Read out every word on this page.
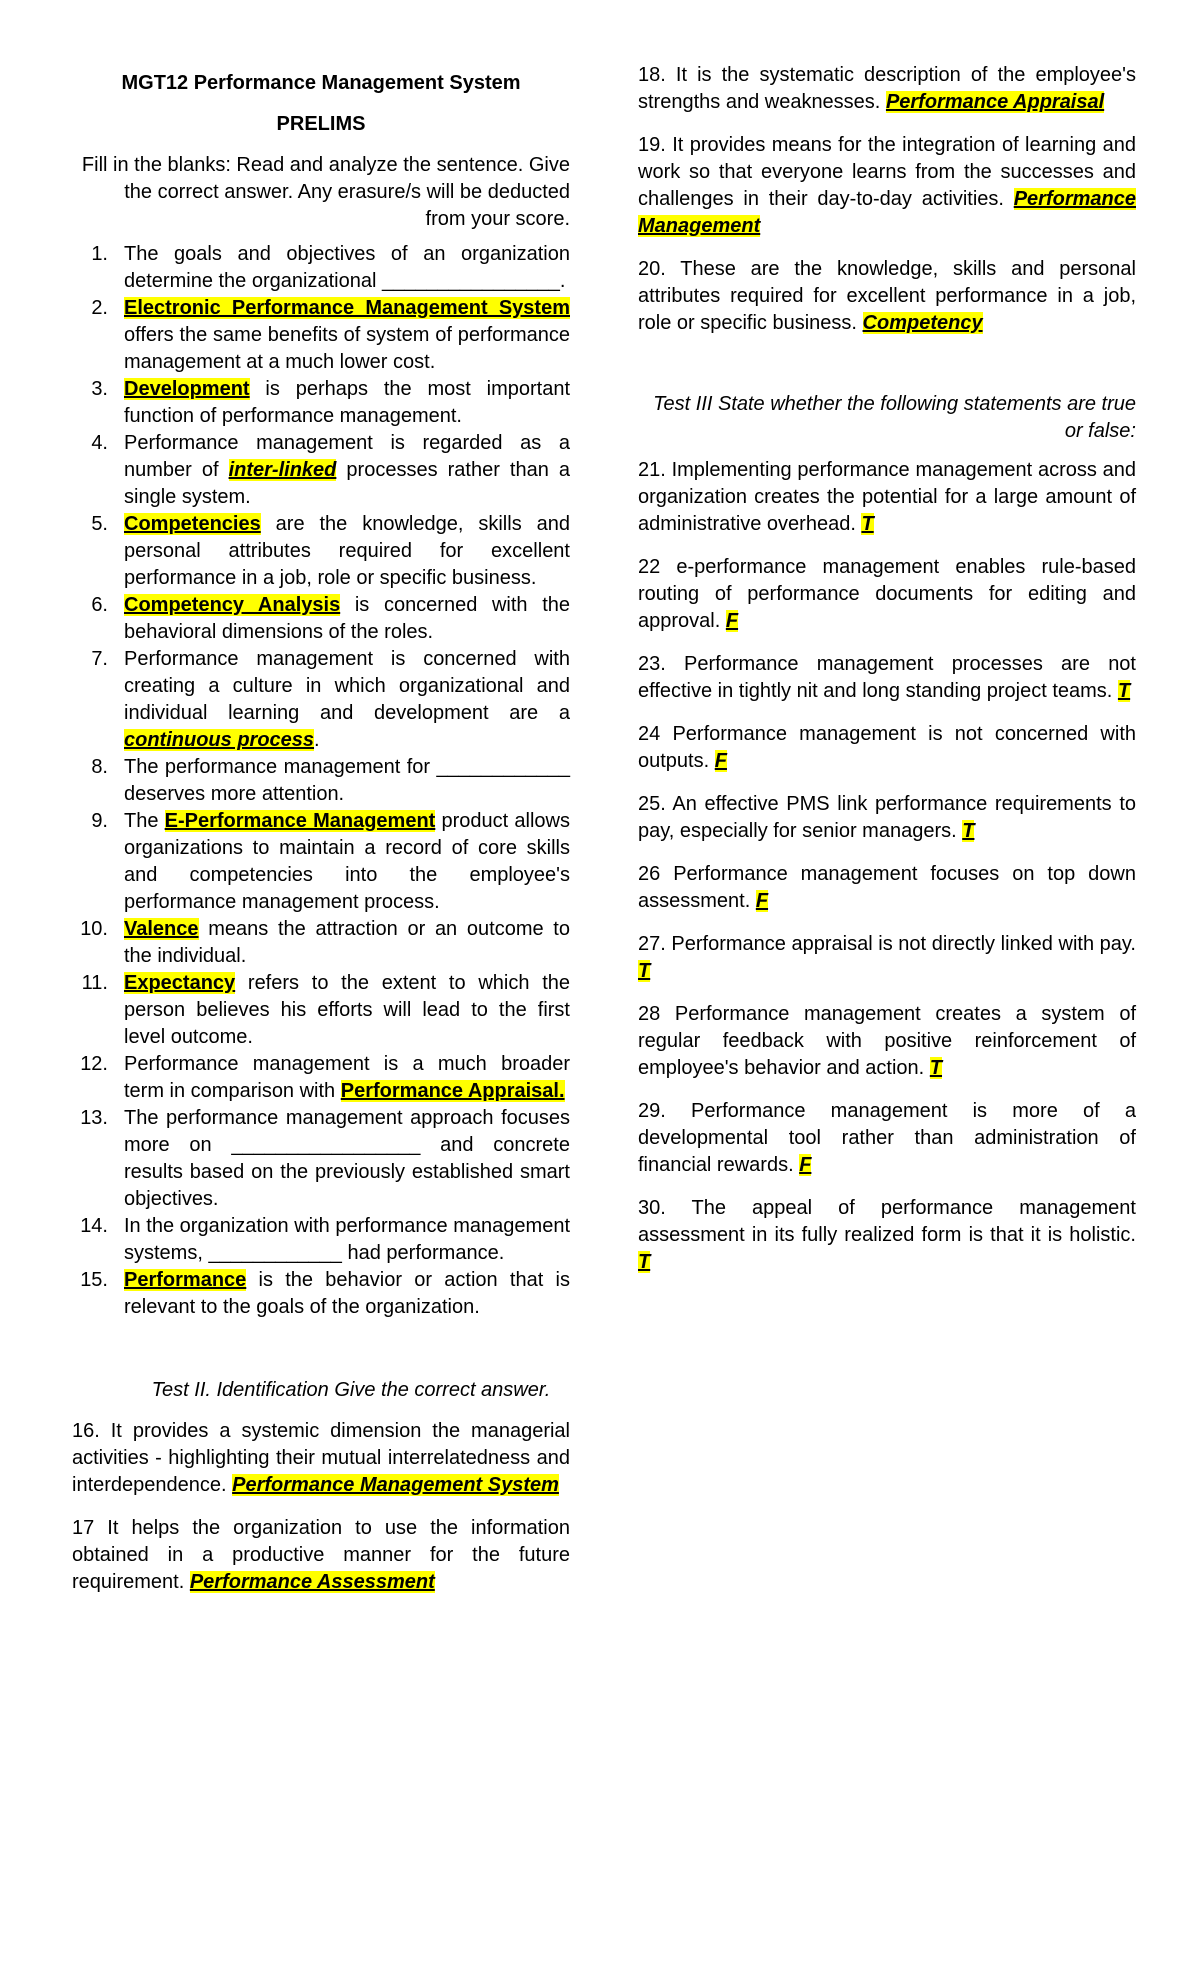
MGT12 Performance Management System
PRELIMS
Fill in the blanks: Read and analyze the sentence. Give the correct answer. Any erasure/s will be deducted from your score.
1. The goals and objectives of an organization determine the organizational ________________.
2. Electronic Performance Management System offers the same benefits of system of performance management at a much lower cost.
3. Development is perhaps the most important function of performance management.
4. Performance management is regarded as a number of inter-linked processes rather than a single system.
5. Competencies are the knowledge, skills and personal attributes required for excellent performance in a job, role or specific business.
6. Competency Analysis is concerned with the behavioral dimensions of the roles.
7. Performance management is concerned with creating a culture in which organizational and individual learning and development are a continuous process.
8. The performance management for ____________ deserves more attention.
9. The E-Performance Management product allows organizations to maintain a record of core skills and competencies into the employee's performance management process.
10. Valence means the attraction or an outcome to the individual.
11. Expectancy refers to the extent to which the person believes his efforts will lead to the first level outcome.
12. Performance management is a much broader term in comparison with Performance Appraisal.
13. The performance management approach focuses more on _________________ and concrete results based on the previously established smart objectives.
14. In the organization with performance management systems, ____________ had performance.
15. Performance is the behavior or action that is relevant to the goals of the organization.
Test II. Identification Give the correct answer.

16. It provides a systemic dimension the managerial activities - highlighting their mutual interrelatedness and interdependence. Performance Management System

17 It helps the organization to use the information obtained in a productive manner for the future requirement. Performance Assessment

18. It is the systematic description of the employee's strengths and weaknesses. Performance Appraisal

19. It provides means for the integration of learning and work so that everyone learns from the successes and challenges in their day-to-day activities. Performance Management

20. These are the knowledge, skills and personal attributes required for excellent performance in a job, role or specific business. Competency

Test III State whether the following statements are true or false:

21. Implementing performance management across and organization creates the potential for a large amount of administrative overhead. T

22 e-performance management enables rule-based routing of performance documents for editing and approval. F

23. Performance management processes are not effective in tightly nit and long standing project teams. T

24 Performance management is not concerned with outputs. F

25. An effective PMS link performance requirements to pay, especially for senior managers. T

26 Performance management focuses on top down assessment. F

27. Performance appraisal is not directly linked with pay. T

28 Performance management creates a system of regular feedback with positive reinforcement of employee's behavior and action. T

29. Performance management is more of a developmental tool rather than administration of financial rewards. F

30. The appeal of performance management assessment in its fully realized form is that it is holistic. T
